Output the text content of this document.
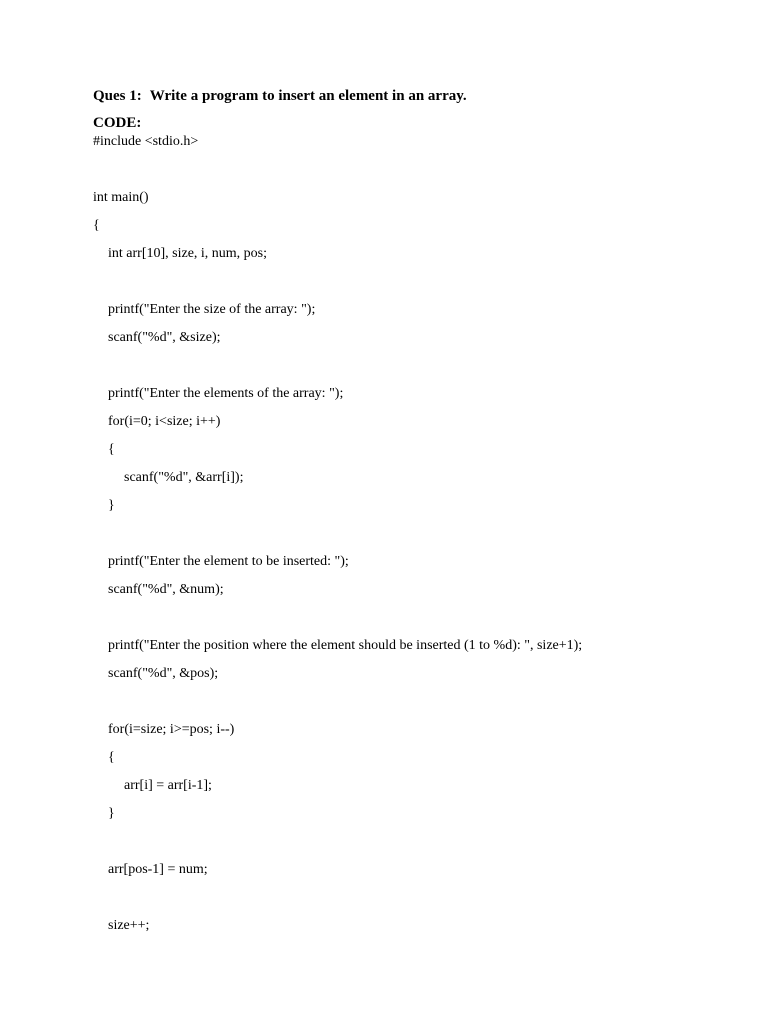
Ques 1: Write a program to insert an element in an array.
CODE:
#include <stdio.h>
int main()
{
int arr[10], size, i, num, pos;
printf("Enter the size of the array: ");
scanf("%d", &size);
printf("Enter the elements of the array: ");
for(i=0; i<size; i++)
{
scanf("%d", &arr[i]);
}
printf("Enter the element to be inserted: ");
scanf("%d", &num);
printf("Enter the position where the element should be inserted (1 to %d): ", size+1);
scanf("%d", &pos);
for(i=size; i>=pos; i--)
{
arr[i] = arr[i-1];
}
arr[pos-1] = num;
size++;
